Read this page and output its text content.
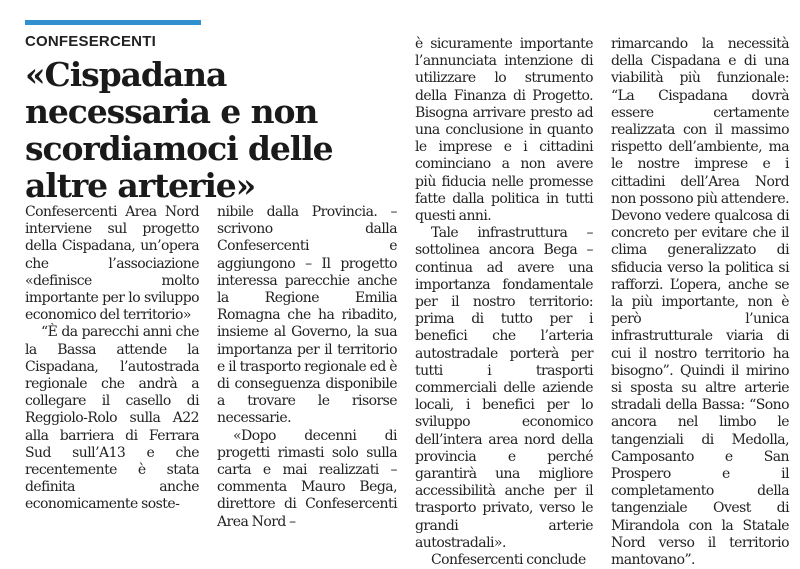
CONFESERCENTI
«Cispadana necessaria e non scordiamoci delle altre arterie»

Confesercenti Area Nord interviene sul progetto della Cispadana, un’opera che l’associazione «definisce molto importante per lo sviluppo economico del territorio»

“È da parecchi anni che la Bassa attende la Cispadana, l’autostrada regionale che andrà a collegare il casello di Reggiolo-Rolo sulla A22 alla barriera di Ferrara Sud sull’A13 e che recentemente è stata definita anche economicamente soste-

nibile dalla Provincia. – scrivono dalla Confesercenti e aggiungono – Il progetto interessa parecchie anche la Regione Emilia Romagna che ha ribadito, insieme al Governo, la sua importanza per il territorio e il trasporto regionale ed è di conseguenza disponibile a trovare le risorse necessarie.

«Dopo decenni di progetti rimasti solo sulla carta e mai realizzati – commenta Mauro Bega, direttore di Confesercenti Area Nord –

è sicuramente importante l’annunciata intenzione di utilizzare lo strumento della Finanza di Progetto. Bisogna arrivare presto ad una conclusione in quanto le imprese e i cittadini cominciano a non avere più fiducia nelle promesse fatte dalla politica in tutti questi anni.

Tale infrastruttura – sottolinea ancora Bega – continua ad avere una importanza fondamentale per il nostro territorio: prima di tutto per i benefici che l’arteria autostradale porterà per tutti i trasporti commerciali delle aziende locali, i benefici per lo sviluppo economico dell’intera area nord della provincia e perché garantirà una migliore accessibilità anche per il trasporto privato, verso le grandi arterie autostradali».

Confesercenti conclude

rimarcando la necessità della Cispadana e di una viabilità più funzionale: “La Cispadana dovrà essere certamente realizzata con il massimo rispetto dell’ambiente, ma le nostre imprese e i cittadini dell’Area Nord non possono più attendere. Devono vedere qualcosa di concreto per evitare che il clima generalizzato di sfiducia verso la politica si rafforzi. L’opera, anche se la più importante, non è però l’unica infrastrutturale viaria di cui il nostro territorio ha bisogno”. Quindi il mirino si sposta su altre arterie stradali della Bassa: “Sono ancora nel limbo le tangenziali di Medolla, Camposanto e San Prospero e il completamento della tangenziale Ovest di Mirandola con la Statale Nord verso il territorio mantovano”.
